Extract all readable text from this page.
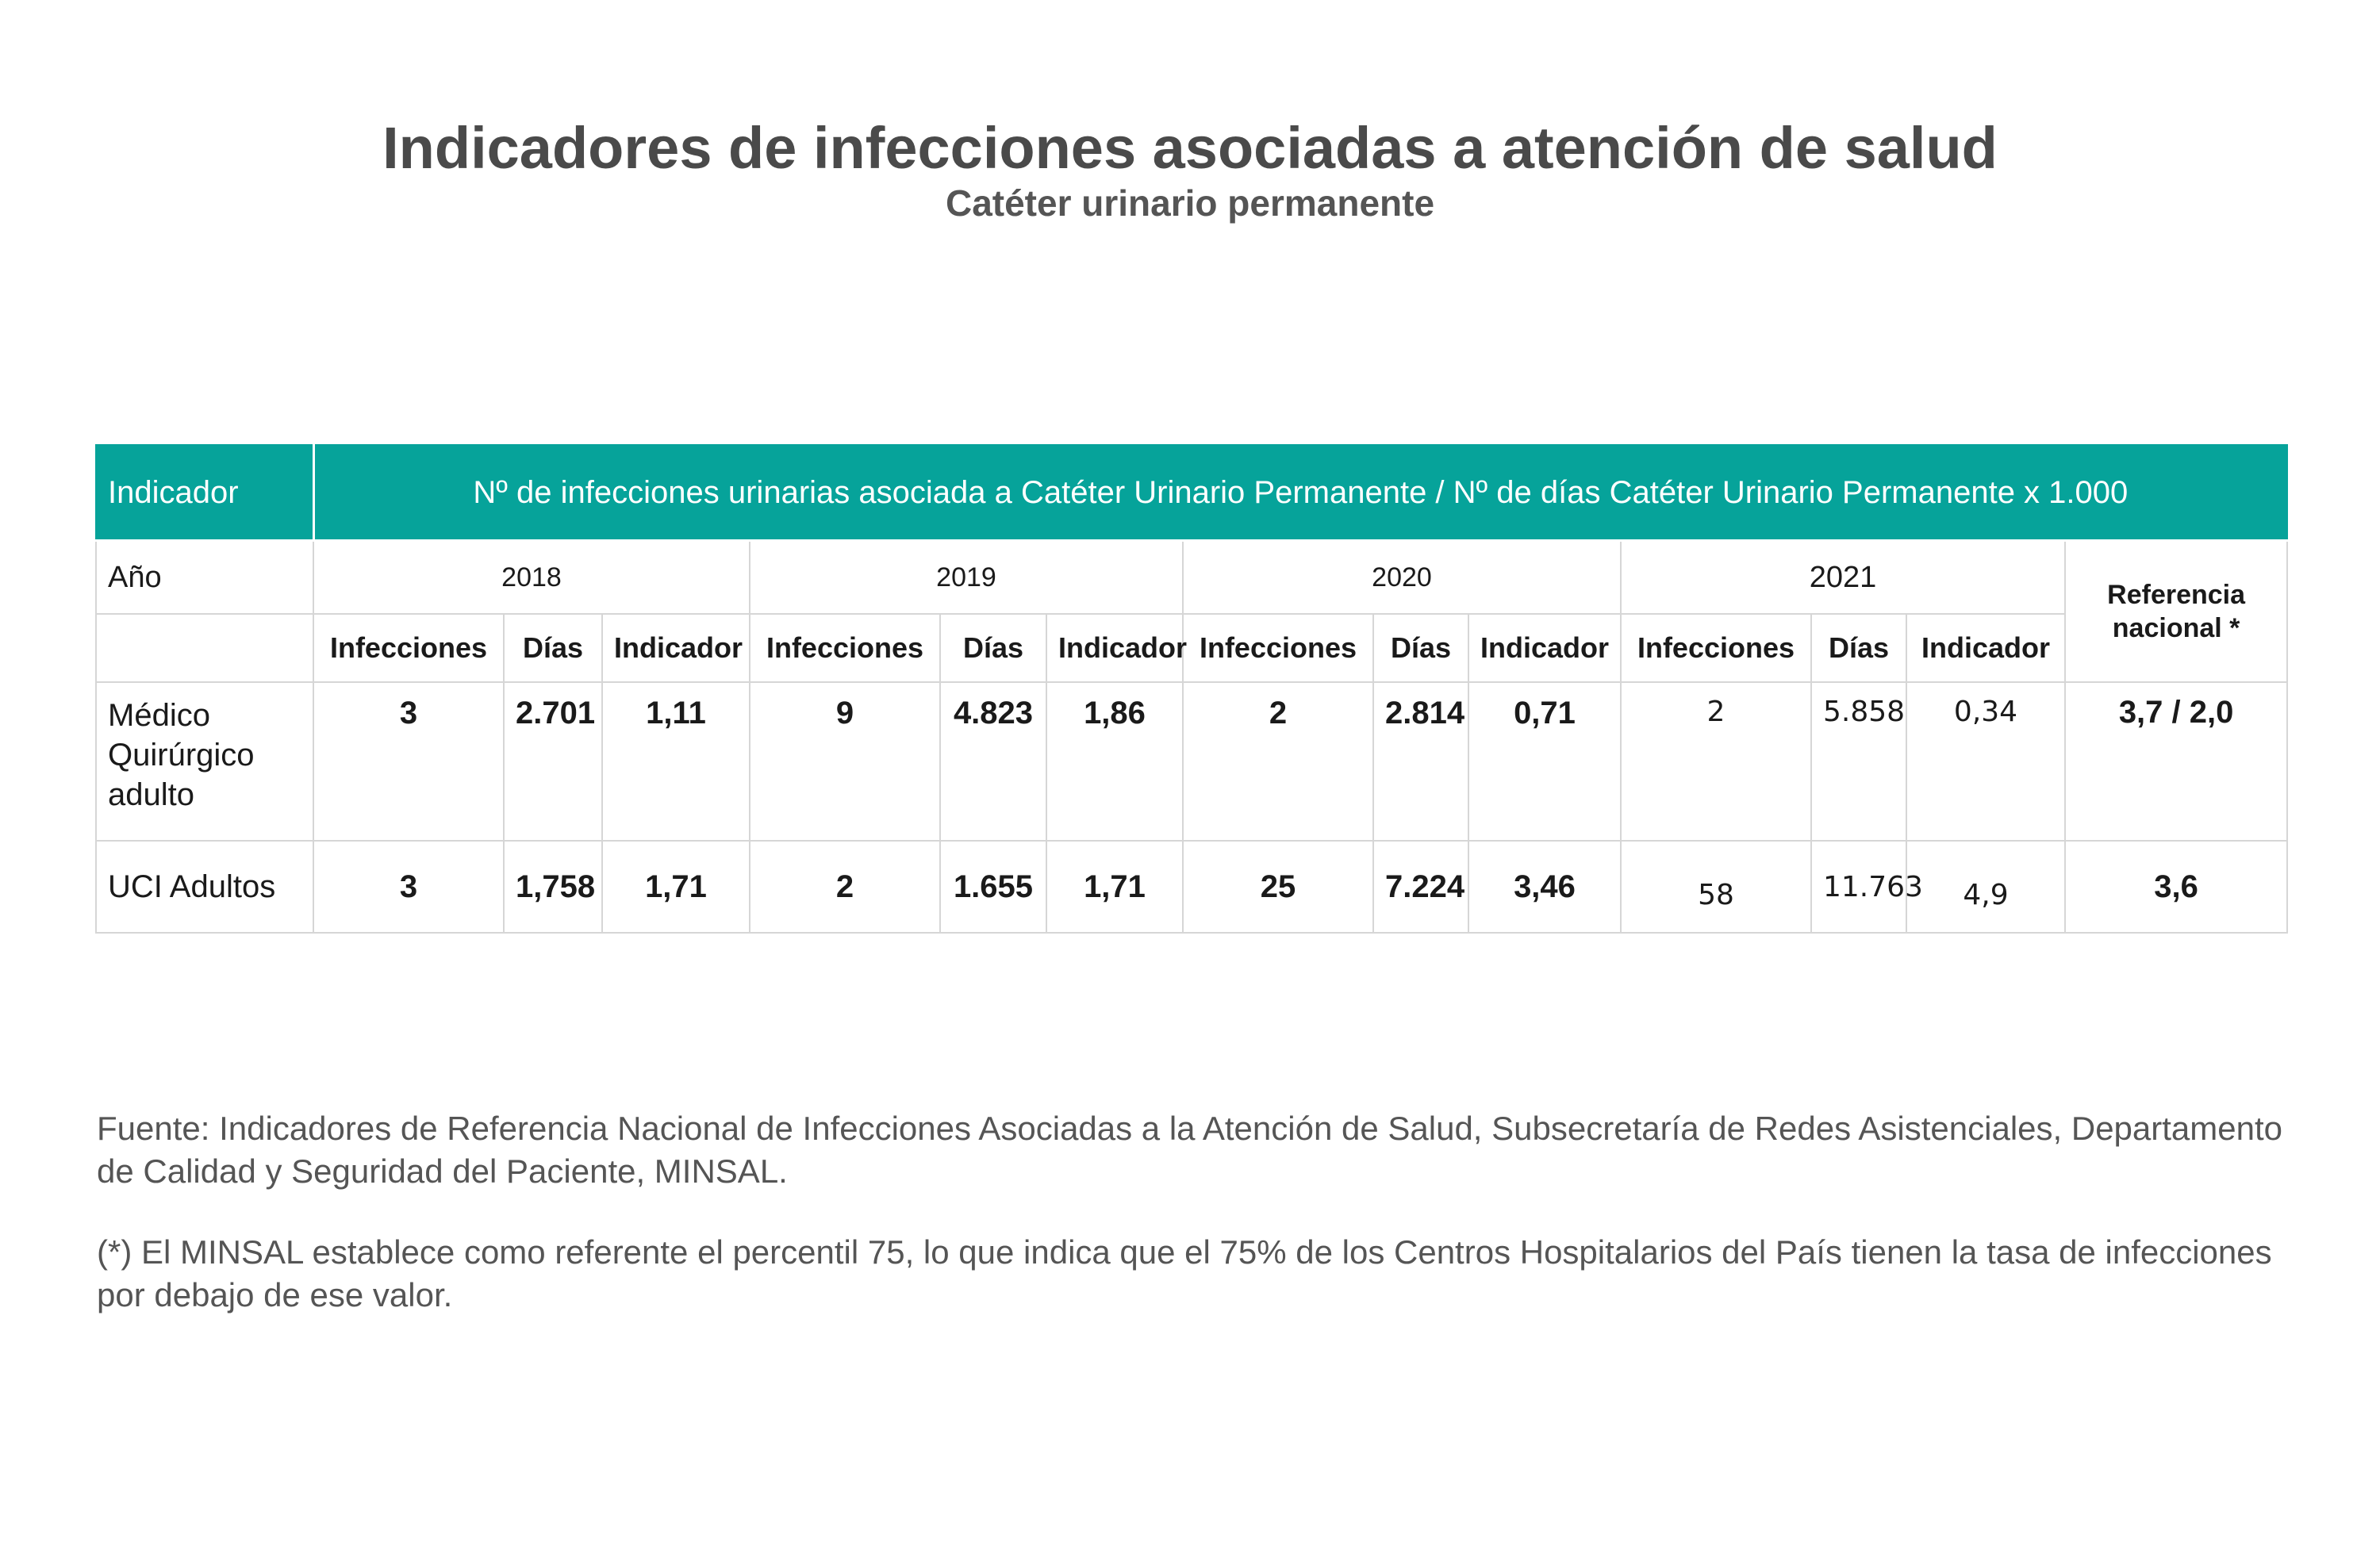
Indicadores de infecciones asociadas a atención de salud
Catéter urinario permanente
Indicador	Nº de infecciones urinarias asociada a Catéter Urinario Permanente / Nº de días Catéter Urinario Permanente x 1.000												
Año	2018			2019			2020			2021			Referencia nacional *
	Infecciones	Días	Indicador	Infecciones	Días	Indicador	Infecciones	Días	Indicador	Infecciones	Días	Indicador	
Médico Quirúrgico adulto	3	2.701	1,11	9	4.823	1,86	2	2.814	0,71	2	5.858	0,34	3,7 / 2,0
UCI Adultos	3	1,758	1,71	2	1.655	1,71	25	7.224	3,46	58	11.763	4,9	3,6
Fuente: Indicadores de Referencia Nacional de Infecciones Asociadas a la Atención de Salud, Subsecretaría de Redes Asistenciales, Departamento de Calidad y Seguridad del Paciente, MINSAL.
(*) El MINSAL establece como referente el percentil 75, lo que indica que el 75% de los Centros Hospitalarios del País tienen la tasa de infecciones por debajo de ese valor.
